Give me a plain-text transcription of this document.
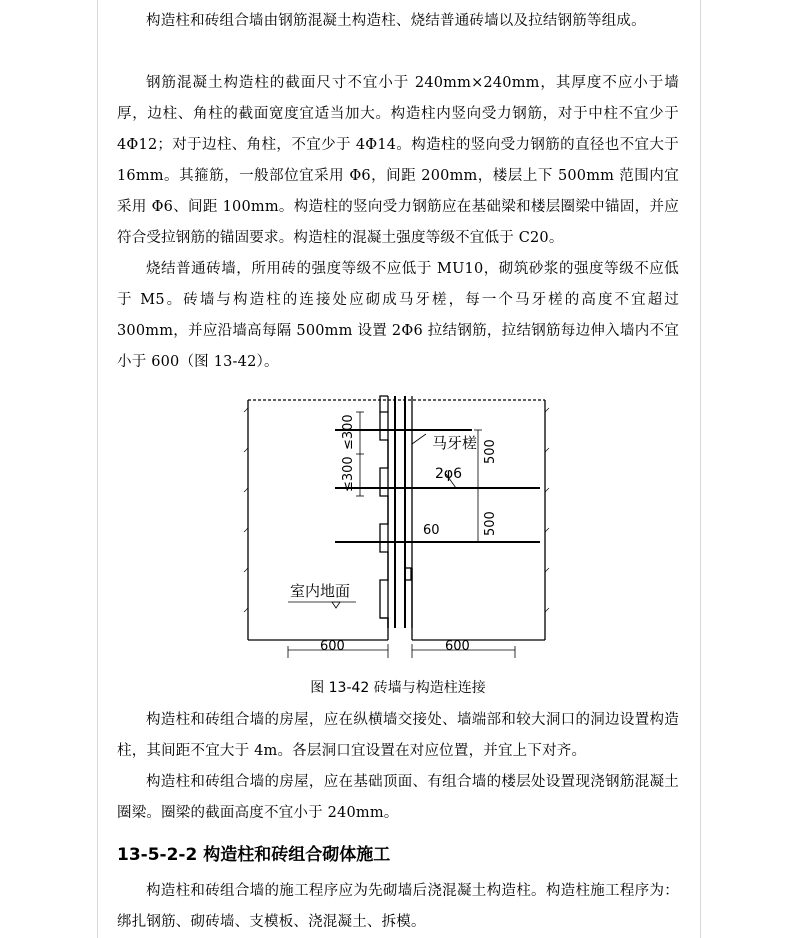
构造柱和砖组合墙由钢筋混凝土构造柱、烧结普通砖墙以及拉结钢筋等组成。

钢筋混凝土构造柱的截面尺寸不宜小于 240mm×240mm，其厚度不应小于墙厚，边柱、角柱的截面宽度宜适当加大。构造柱内竖向受力钢筋，对于中柱不宜少于 4Φ12；对于边柱、角柱，不宜少于 4Φ14。构造柱的竖向受力钢筋的直径也不宜大于 16mm。其箍筋，一般部位宜采用 Φ6，间距 200mm，楼层上下 500mm 范围内宜采用 Φ6、间距 100mm。构造柱的竖向受力钢筋应在基础梁和楼层圈梁中锚固，并应符合受拉钢筋的锚固要求。构造柱的混凝土强度等级不宜低于 C20。

烧结普通砖墙，所用砖的强度等级不应低于 MU10，砌筑砂浆的强度等级不应低于 M5。砖墙与构造柱的连接处应砌成马牙槎，每一个马牙槎的高度不宜超过 300mm，并应沿墙高每隔 500mm 设置 2Φ6 拉结钢筋，拉结钢筋每边伸入墙内不宜小于 600（图 13-42）。

马牙槎
2φ6
室内地面
60
600	600
500
500
≤300
≤300
图 13-42 砖墙与构造柱连接

构造柱和砖组合墙的房屋，应在纵横墙交接处、墙端部和较大洞口的洞边设置构造柱，其间距不宜大于 4m。各层洞口宜设置在对应位置，并宜上下对齐。

构造柱和砖组合墙的房屋，应在基础顶面、有组合墙的楼层处设置现浇钢筋混凝土圈梁。圈梁的截面高度不宜小于 240mm。

13-5-2-2 构造柱和砖组合砌体施工

构造柱和砖组合墙的施工程序应为先砌墙后浇混凝土构造柱。构造柱施工程序为：绑扎钢筋、砌砖墙、支模板、浇混凝土、拆模。
